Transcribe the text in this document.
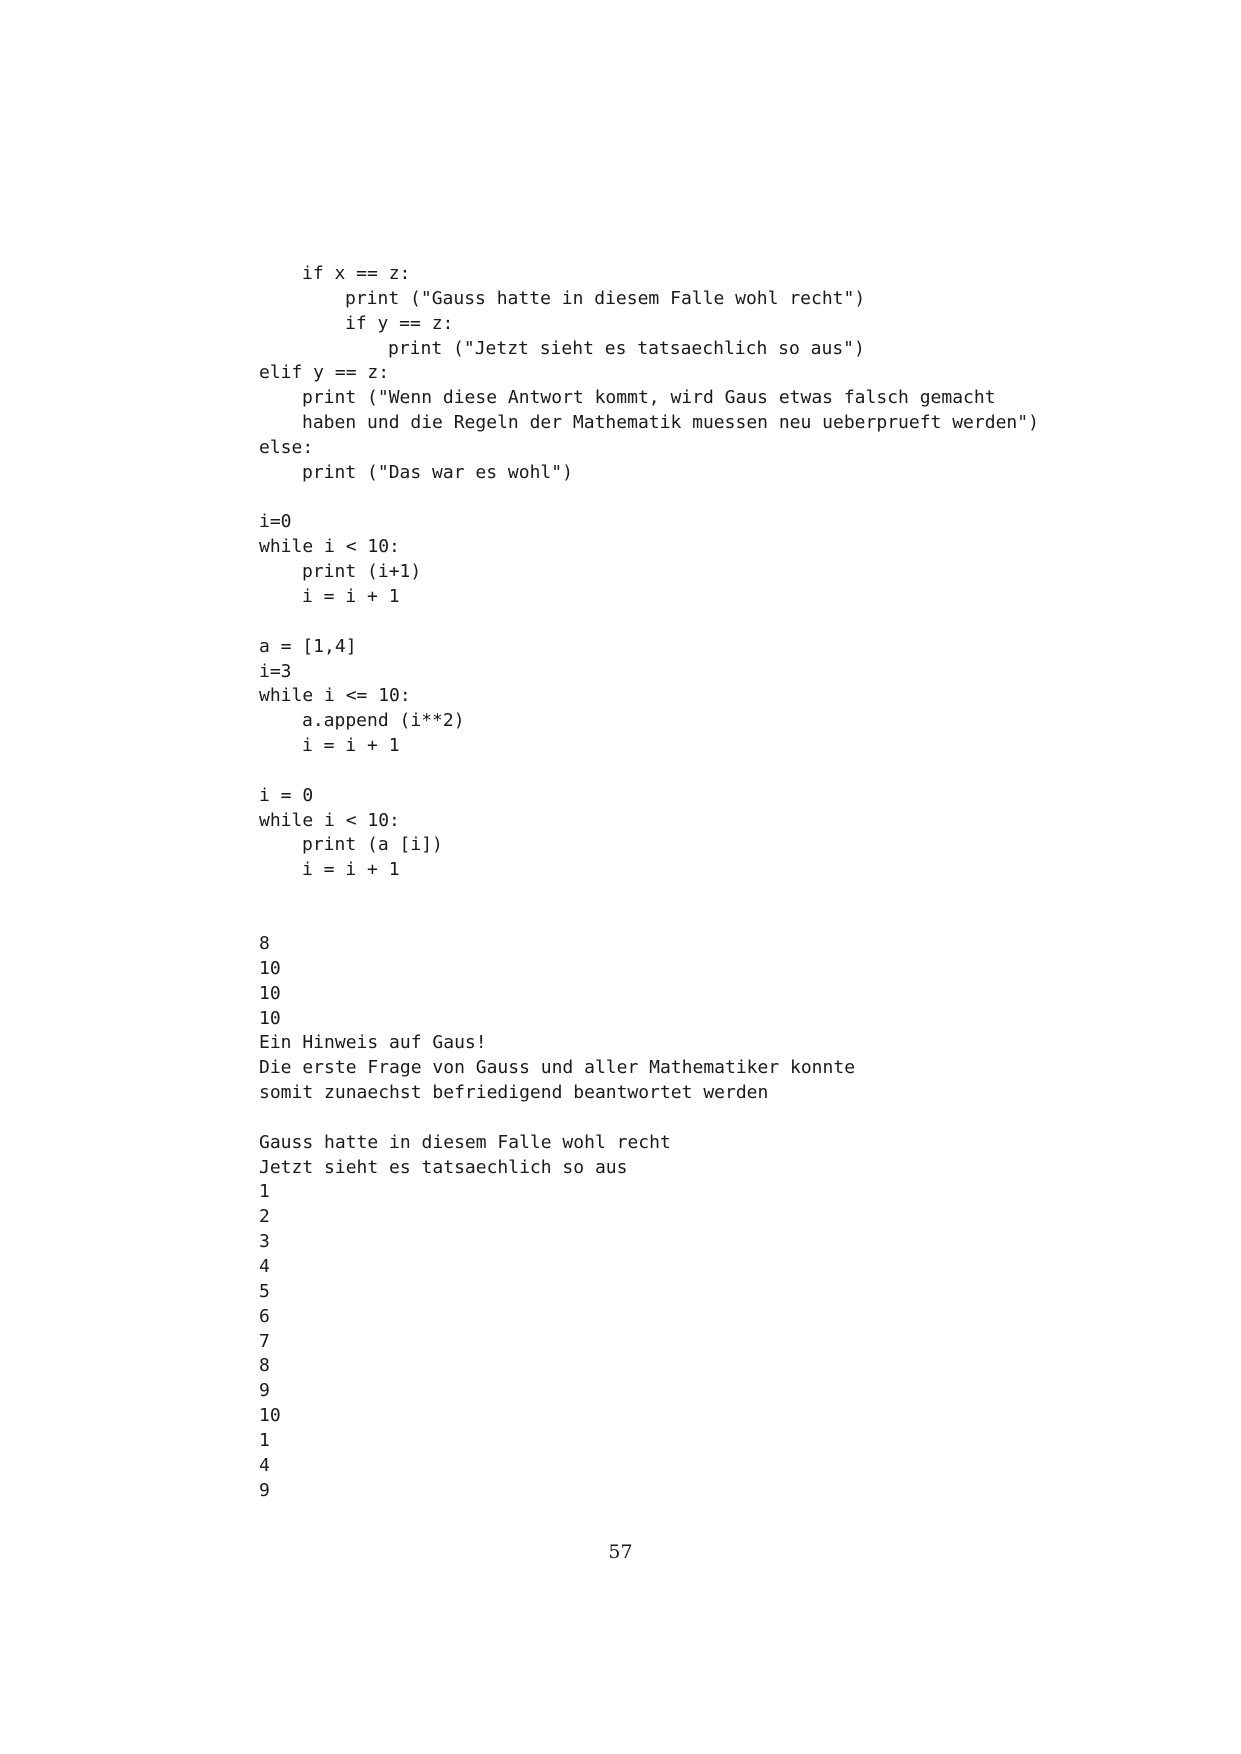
if x == z:
print ("Gauss hatte in diesem Falle wohl recht")
if y == z:
print ("Jetzt sieht es tatsaechlich so aus")
elif y == z:
print ("Wenn diese Antwort kommt, wird Gaus etwas falsch gemacht
haben und die Regeln der Mathematik muessen neu ueberprueft werden")
else:
print ("Das war es wohl")
i=0
while i < 10:
print (i+1)
i = i + 1
a = [1,4]
i=3
while i <= 10:
a.append (i**2)
i = i + 1
i = 0
while i < 10:
print (a [i])
i = i + 1
8
10
10
10
Ein Hinweis auf Gaus!
Die erste Frage von Gauss und aller Mathematiker konnte
somit zunaechst befriedigend beantwortet werden
Gauss hatte in diesem Falle wohl recht
Jetzt sieht es tatsaechlich so aus
1
2
3
4
5
6
7
8
9
10
1
4
9
57
